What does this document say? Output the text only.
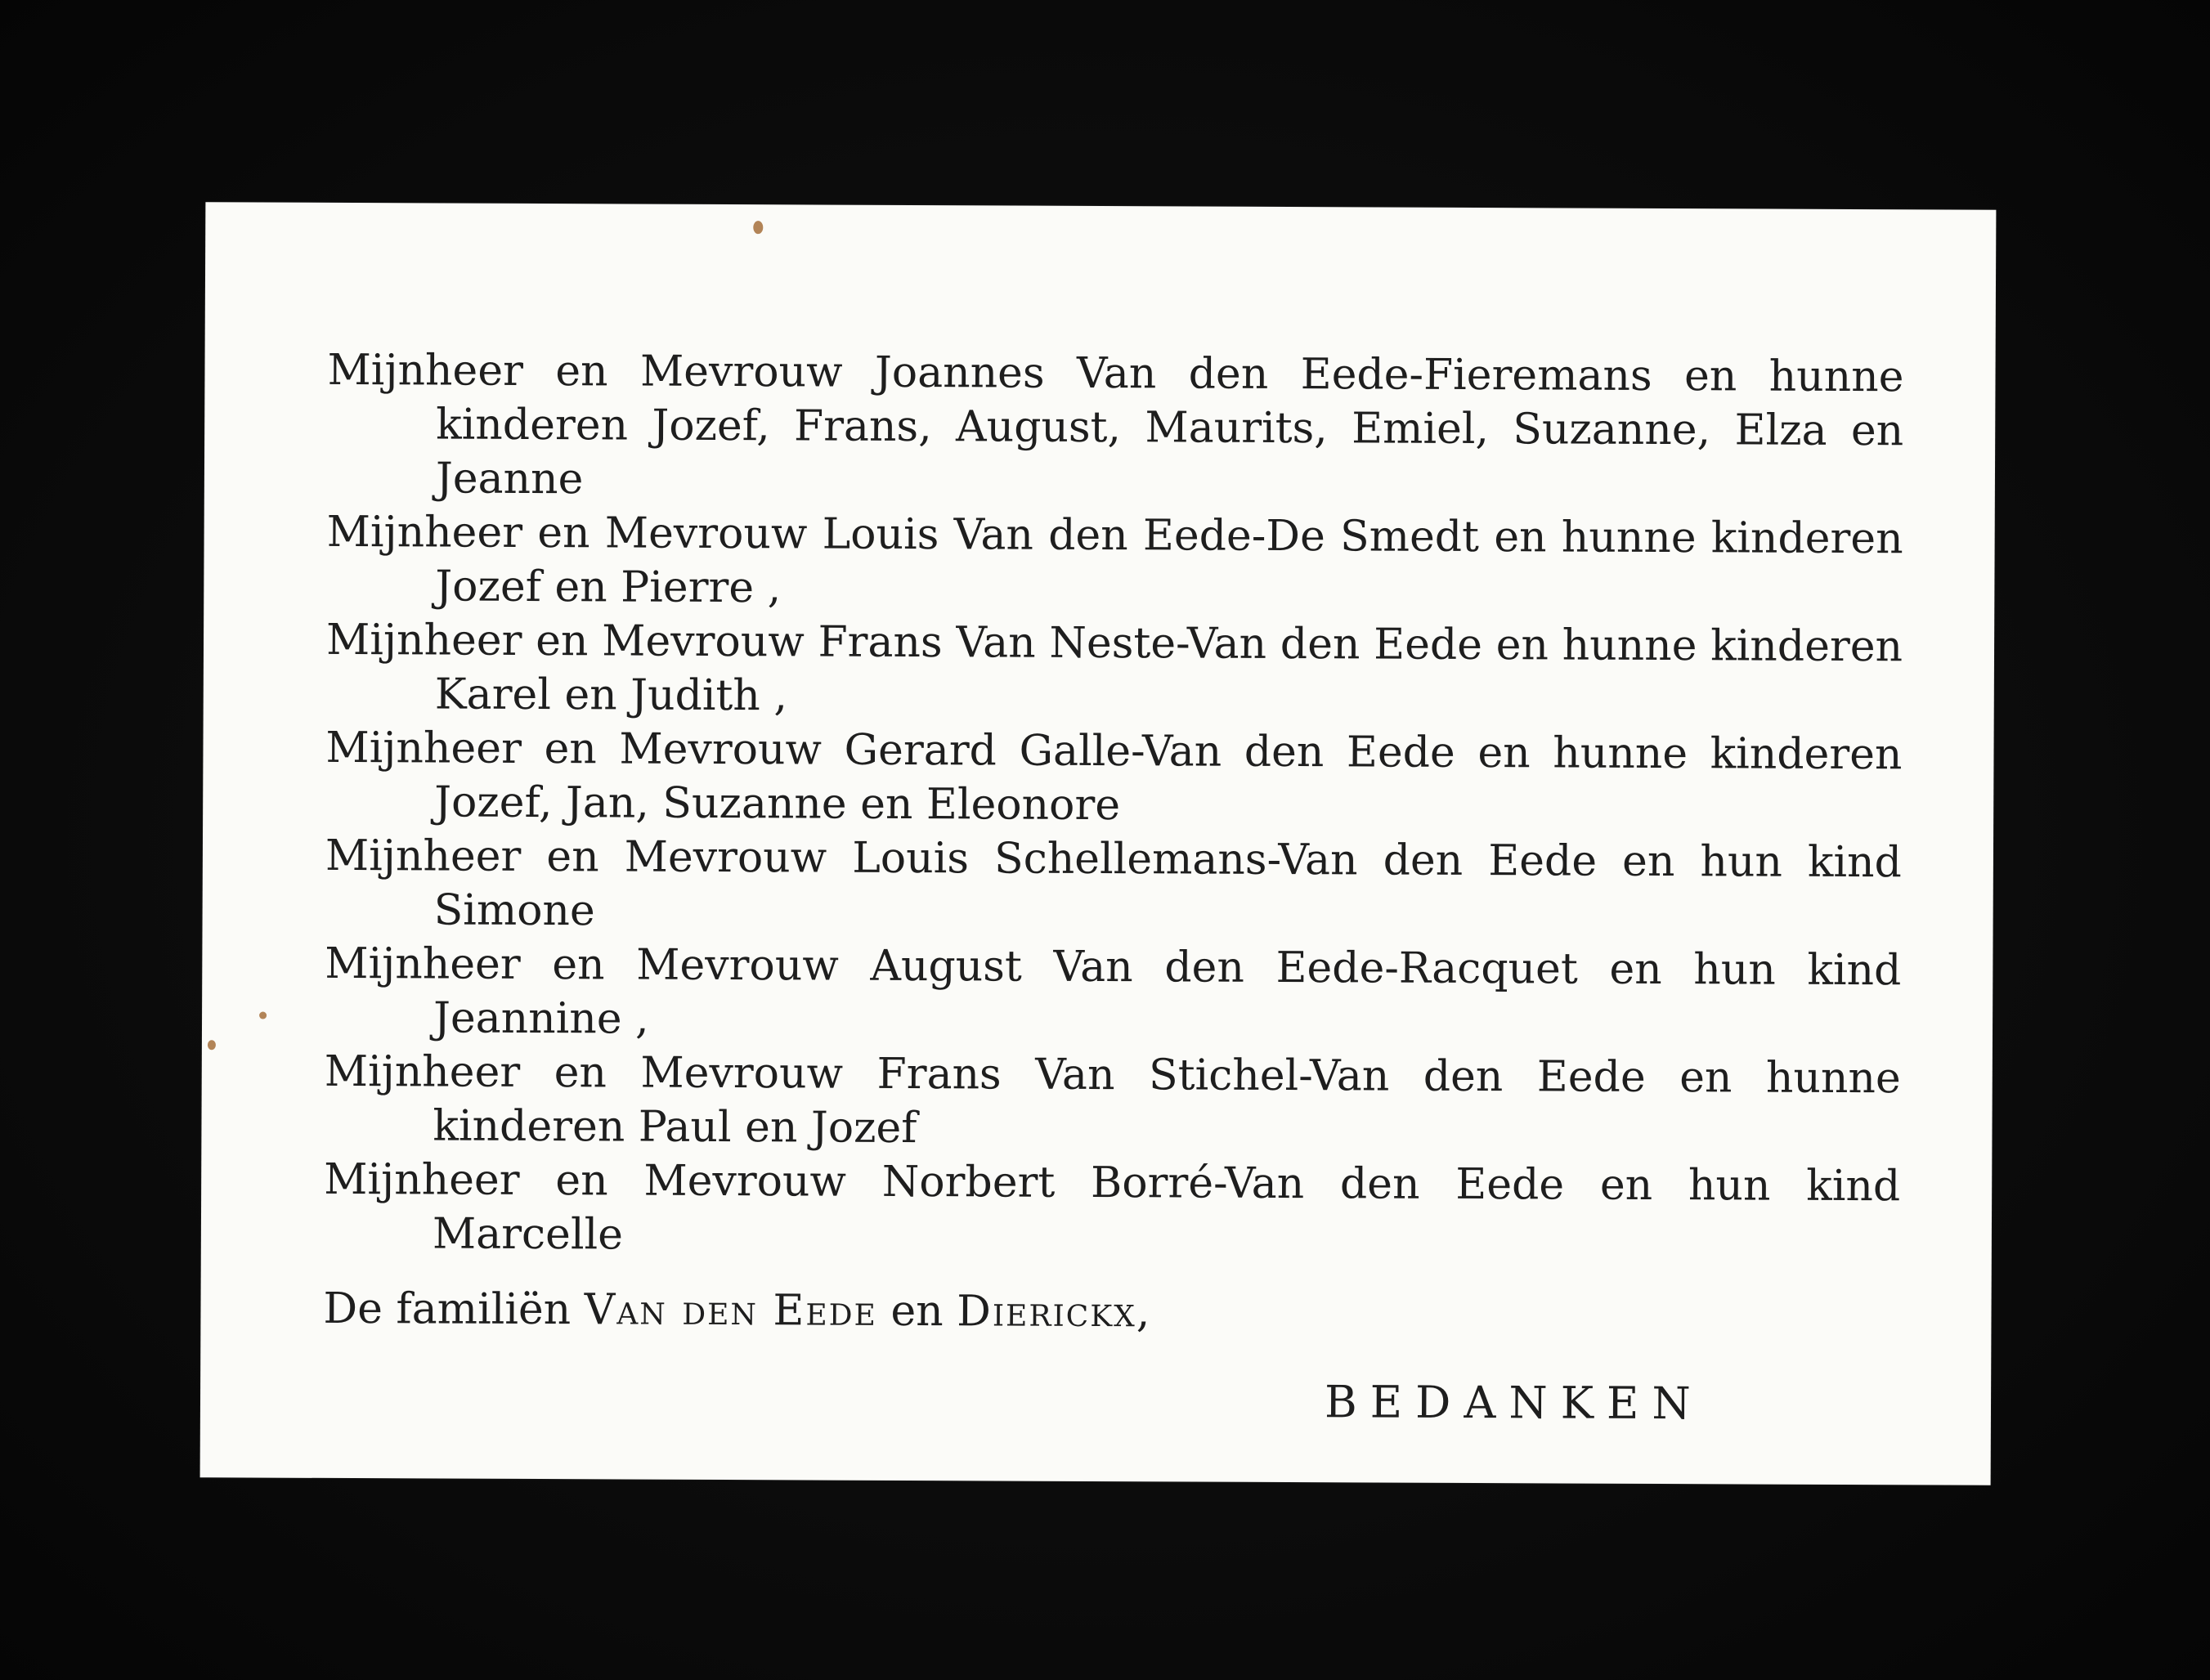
Mijnheer en Mevrouw Joannes Van den Eede-Fieremans en hunne kinderen Jozef, Frans, August, Maurits, Emiel, Suzanne, Elza en Jeanne
Mijnheer en Mevrouw Louis Van den Eede-De Smedt en hunne kinderen Jozef en Pierre ,
Mijnheer en Mevrouw Frans Van Neste-Van den Eede en hunne kinderen Karel en Judith ,
Mijnheer en Mevrouw Gerard Galle-Van den Eede en hunne kinderen Jozef, Jan, Suzanne en Eleonore
Mijnheer en Mevrouw Louis Schellemans-Van den Eede en hun kind Simone
Mijnheer en Mevrouw August Van den Eede-Racquet en hun kind Jeannine ,
Mijnheer en Mevrouw Frans Van Stichel-Van den Eede en hunne kinderen Paul en Jozef
Mijnheer en Mevrouw Norbert Borré-Van den Eede en hun kind Marcelle
De familiën Van den Eede en Dierickx,
BEDANKEN
